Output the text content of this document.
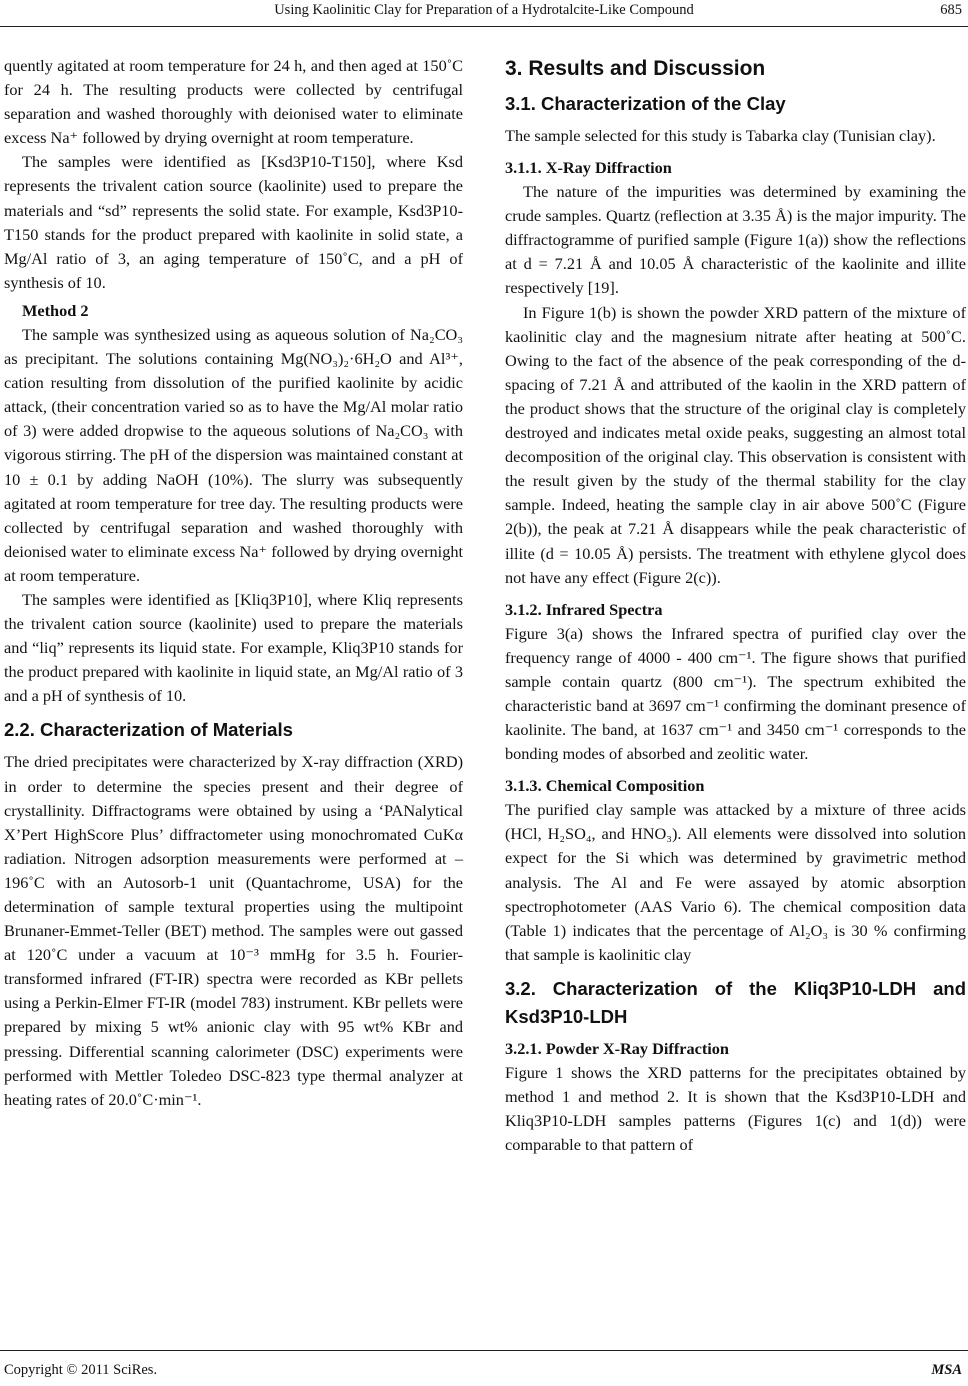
Using Kaolinitic Clay for Preparation of a Hydrotalcite-Like Compound	685

quently agitated at room temperature for 24 h, and then aged at 150˚C for 24 h. The resulting products were collected by centrifugal separation and washed thoroughly with deionised water to eliminate excess Na⁺ followed by drying overnight at room temperature.

The samples were identified as [Ksd3P10-T150], where Ksd represents the trivalent cation source (kaolinite) used to prepare the materials and “sd” represents the solid state. For example, Ksd3P10-T150 stands for the product prepared with kaolinite in solid state, a Mg/Al ratio of 3, an aging temperature of 150˚C, and a pH of synthesis of 10.

Method 2

The sample was synthesized using as aqueous solution of Na₂CO₃ as precipitant. The solutions containing Mg(NO₃)₂·6H₂O and Al³⁺, cation resulting from dissolution of the purified kaolinite by acidic attack, (their concentration varied so as to have the Mg/Al molar ratio of 3) were added dropwise to the aqueous solutions of Na₂CO₃ with vigorous stirring. The pH of the dispersion was maintained constant at 10 ± 0.1 by adding NaOH (10%). The slurry was subsequently agitated at room temperature for tree day. The resulting products were collected by centrifugal separation and washed thoroughly with deionised water to eliminate excess Na⁺ followed by drying overnight at room temperature.

The samples were identified as [Kliq3P10], where Kliq represents the trivalent cation source (kaolinite) used to prepare the materials and “liq” represents its liquid state. For example, Kliq3P10 stands for the product prepared with kaolinite in liquid state, an Mg/Al ratio of 3 and a pH of synthesis of 10.

2.2. Characterization of Materials

The dried precipitates were characterized by X-ray diffraction (XRD) in order to determine the species present and their degree of crystallinity. Diffractograms were obtained by using a ‘PANalytical X’Pert HighScore Plus’ diffractometer using monochromated CuKα radiation. Nitrogen adsorption measurements were performed at –196˚C with an Autosorb-1 unit (Quantachrome, USA) for the determination of sample textural properties using the multipoint Brunaner-Emmet-Teller (BET) method. The samples were out gassed at 120˚C under a vacuum at 10⁻³ mmHg for 3.5 h. Fourier-transformed infrared (FT-IR) spectra were recorded as KBr pellets using a Perkin-Elmer FT-IR (model 783) instrument. KBr pellets were prepared by mixing 5 wt% anionic clay with 95 wt% KBr and pressing. Differential scanning calorimeter (DSC) experiments were performed with Mettler Toledeo DSC-823 type thermal analyzer at heating rates of 20.0˚C·min⁻¹.

3. Results and Discussion
3.1. Characterization of the Clay

The sample selected for this study is Tabarka clay (Tunisian clay).

3.1.1. X-Ray Diffraction

The nature of the impurities was determined by examining the crude samples. Quartz (reflection at 3.35 Å) is the major impurity. The diffractogramme of purified sample (Figure 1(a)) show the reflections at d = 7.21 Å and 10.05 Å characteristic of the kaolinite and illite respectively [19].

In Figure 1(b) is shown the powder XRD pattern of the mixture of kaolinitic clay and the magnesium nitrate after heating at 500˚C. Owing to the fact of the absence of the peak corresponding of the d-spacing of 7.21 Å and attributed of the kaolin in the XRD pattern of the product shows that the structure of the original clay is completely destroyed and indicates metal oxide peaks, suggesting an almost total decomposition of the original clay. This observation is consistent with the result given by the study of the thermal stability for the clay sample. Indeed, heating the sample clay in air above 500˚C (Figure 2(b)), the peak at 7.21 Å disappears while the peak characteristic of illite (d = 10.05 Å) persists. The treatment with ethylene glycol does not have any effect (Figure 2(c)).

3.1.2. Infrared Spectra

Figure 3(a) shows the Infrared spectra of purified clay over the frequency range of 4000 - 400 cm⁻¹. The figure shows that purified sample contain quartz (800 cm⁻¹). The spectrum exhibited the characteristic band at 3697 cm⁻¹ confirming the dominant presence of kaolinite. The band, at 1637 cm⁻¹ and 3450 cm⁻¹ corresponds to the bonding modes of absorbed and zeolitic water.

3.1.3. Chemical Composition

The purified clay sample was attacked by a mixture of three acids (HCl, H₂SO₄, and HNO₃). All elements were dissolved into solution expect for the Si which was determined by gravimetric method analysis. The Al and Fe were assayed by atomic absorption spectrophotometer (AAS Vario 6). The chemical composition data (Table 1) indicates that the percentage of Al₂O₃ is 30 % confirming that sample is kaolinitic clay

3.2. Characterization of the Kliq3P10-LDH and Ksd3P10-LDH
3.2.1. Powder X-Ray Diffraction

Figure 1 shows the XRD patterns for the precipitates obtained by method 1 and method 2. It is shown that the Ksd3P10-LDH and Kliq3P10-LDH samples patterns (Figures 1(c) and 1(d)) were comparable to that pattern of

Copyright © 2011 SciRes.	MSA
